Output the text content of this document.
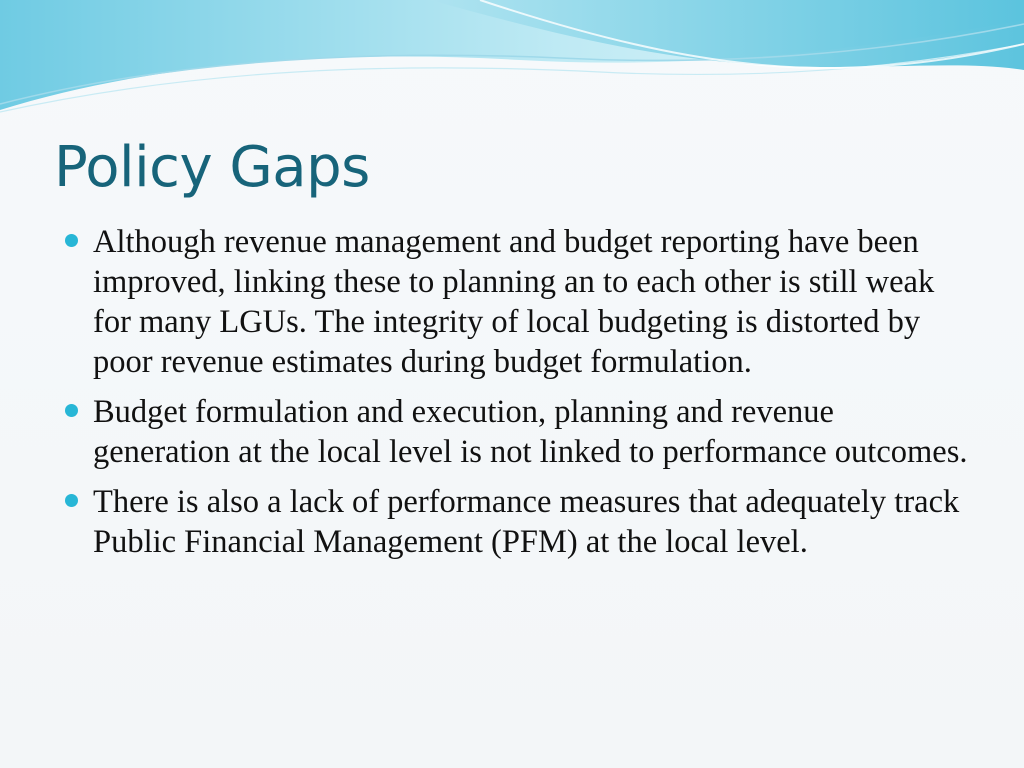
Policy Gaps
Although revenue management and budget reporting have been improved, linking these to planning an to each other is still weak for many LGUs. The integrity of local budgeting is distorted by poor revenue estimates during budget formulation.
Budget formulation and execution, planning and revenue generation at the local level is not linked to performance outcomes.
There is also a lack of performance measures that adequately track Public Financial Management (PFM) at the local level.
